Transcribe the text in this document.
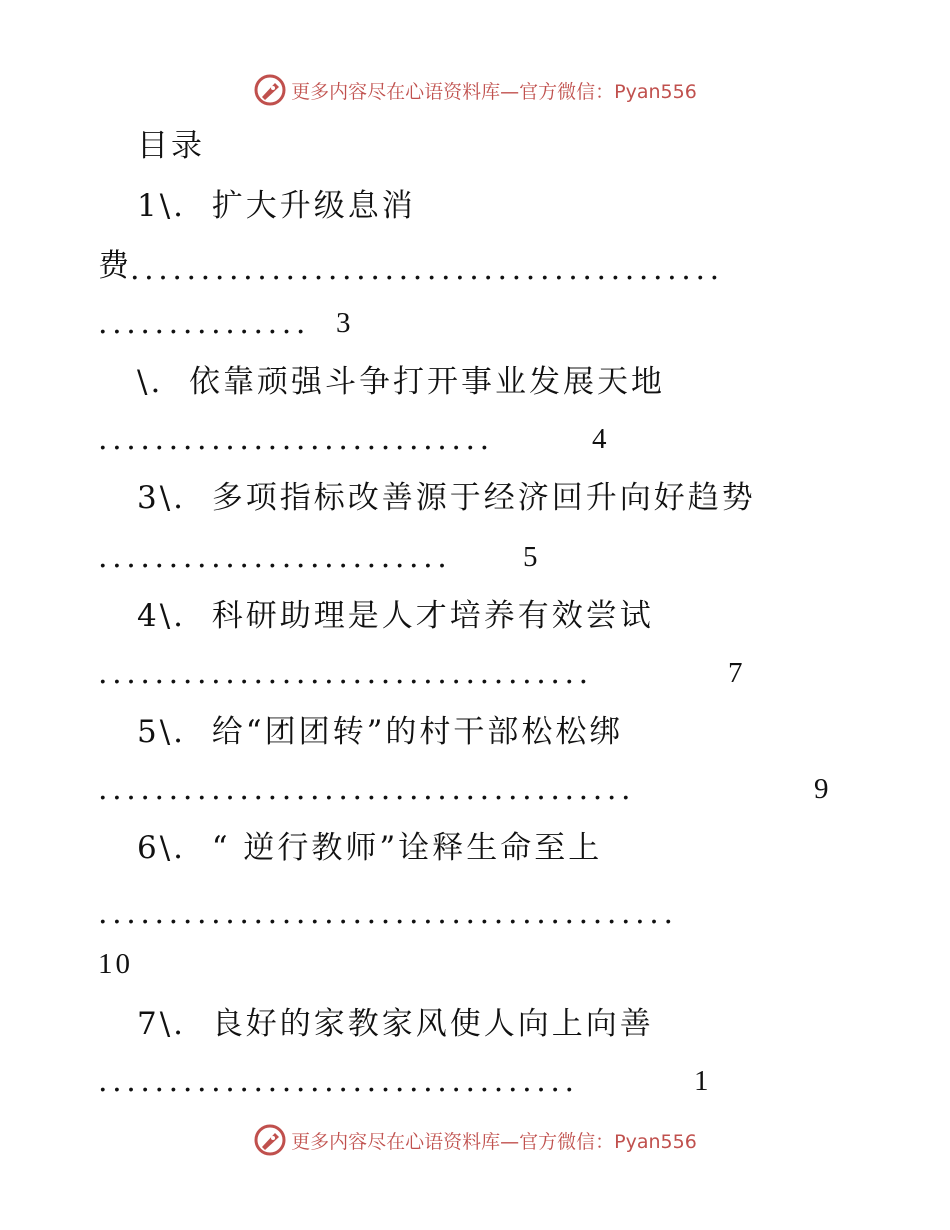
更多内容尽在心语资料库—官方微信：Pyan556
目录
1\.  扩大升级息消
费
..........................................
............... 3
\.  依靠顽强斗争打开事业发展天地
............................	4
3\.  多项指标改善源于经济回升向好趋势
......................... 5
4\.  科研助理是人才培养有效尝试
...................................	7
5\.  给“团团转”的村干部松松绑
......................................	9
6\.  “ 逆行教师”诠释生命至上
.........................................
10
7\.  良好的家教家风使人向上向善
..................................	1
更多内容尽在心语资料库—官方微信：Pyan556
